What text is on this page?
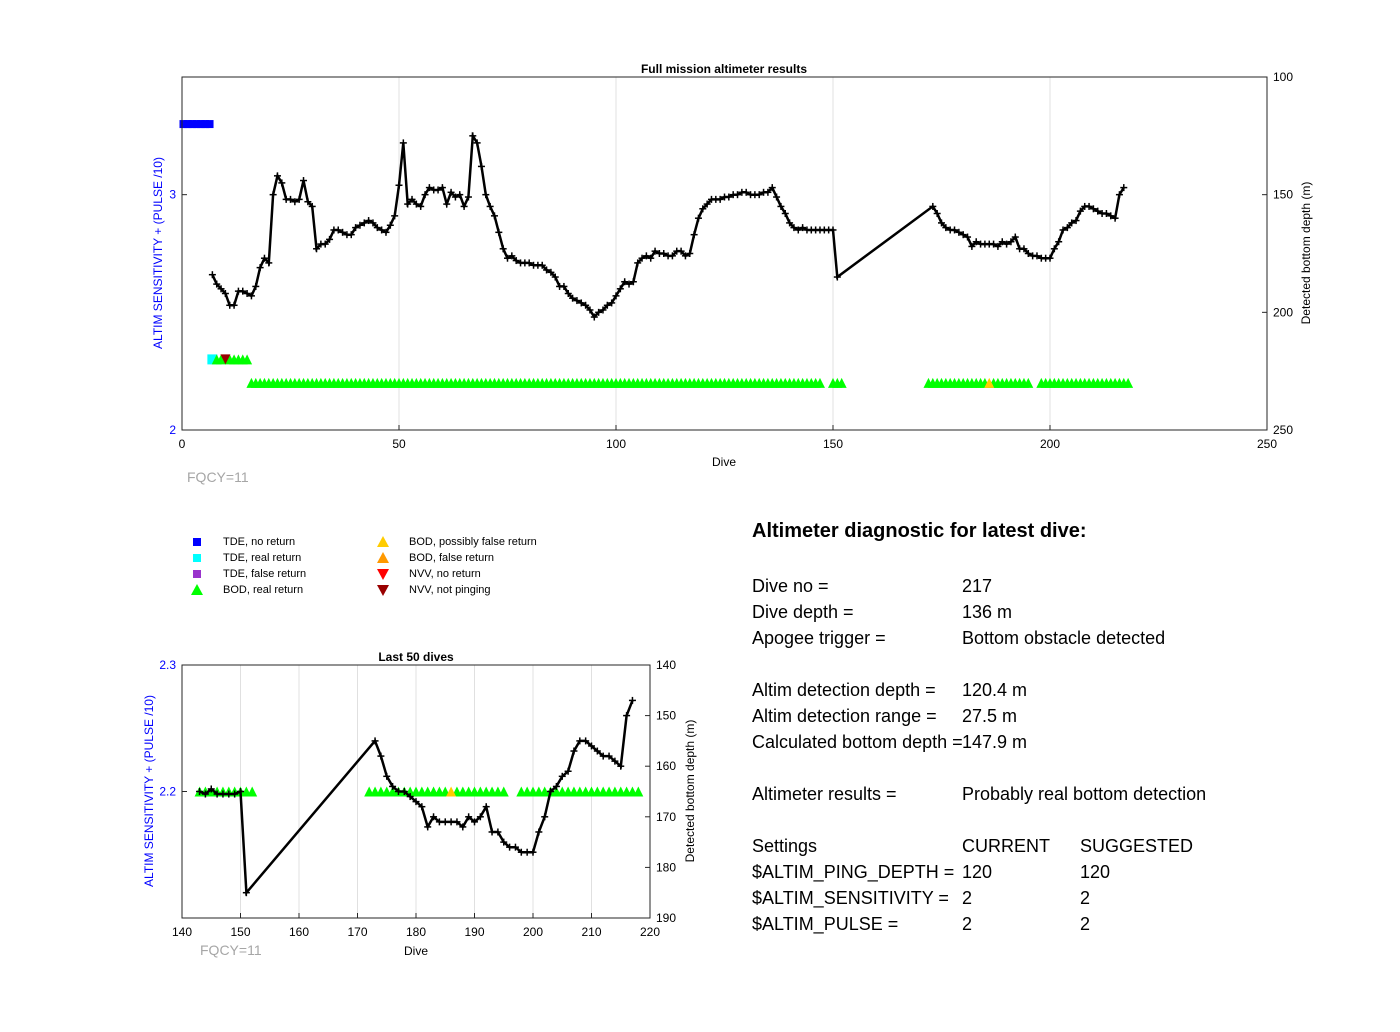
0	50	100	150	200	250
2
3
100
150
200
250
Full mission altimeter results
Dive
ALTIM SENSITIVITY + (PULSE /10)	Detected bottom depth (m)
140	150	160	170	180	190	200	210	220
2.2
2.3	140
150
160
170
180
190
Last 50 dives
Dive
ALTIM SENSITIVITY + (PULSE /10)	Detected bottom depth (m)
FQCY=11
FQCY=11
TDE, no return
TDE, real return
TDE, false return
BOD, real return
BOD, possibly false return
BOD, false return
NVV, no return
NVV, not pinging
Altimeter diagnostic for latest dive:
Dive no =	217
Dive depth =	136 m
Apogee trigger =	Bottom obstacle detected
Altim detection depth =	120.4 m
Altim detection range =	27.5 m
Calculated bottom depth = 147.9 m
Altimeter results =	Probably real bottom detection
Settings	CURRENT	SUGGESTED
$ALTIM_PING_DEPTH = 120	120
$ALTIM_SENSITIVITY = 2	2
$ALTIM_PULSE =	2	2
